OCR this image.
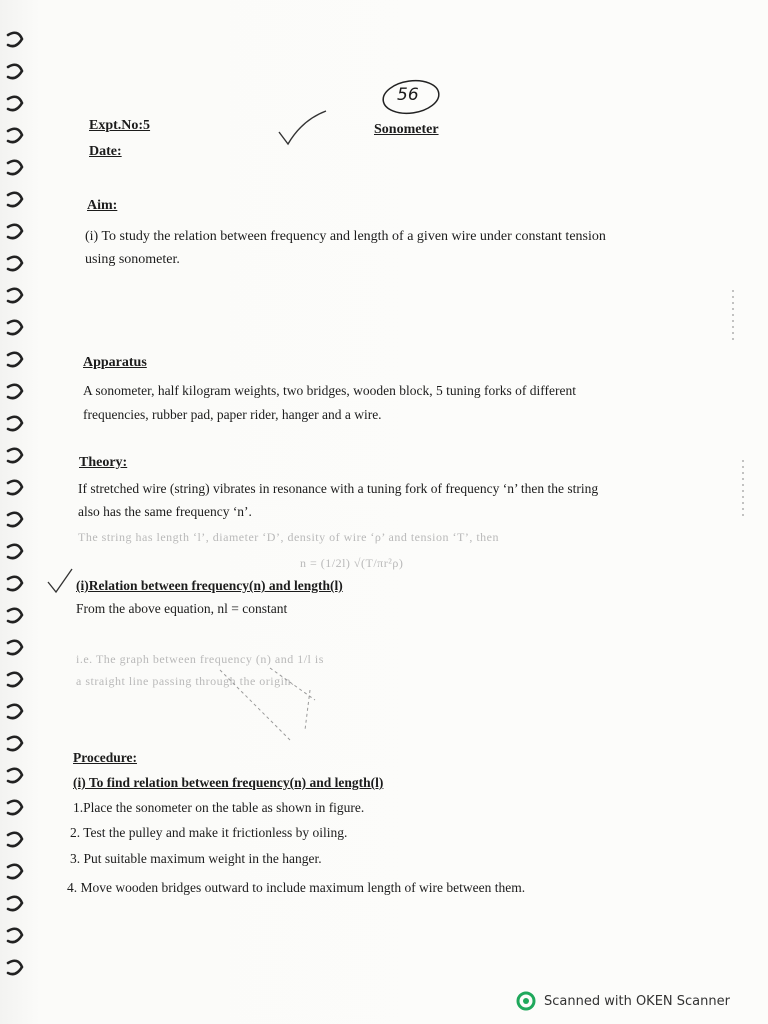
56
Expt.No:5
Date:
Sonometer
Aim:
(i) To study the relation between frequency and length of a given wire under constant tension
using sonometer.
Apparatus
A sonometer, half kilogram weights, two bridges, wooden block, 5 tuning forks of different
frequencies, rubber pad, paper rider, hanger and a wire.
Theory:
If stretched wire (string) vibrates in resonance with a tuning fork of frequency ‘n’ then the string
also has the same frequency ‘n’.
The string has length ‘l’, diameter ‘D’, density of wire ‘ρ’ and tension ‘T’, then
n = (1/2l) √(T/πr²ρ)
(i)Relation between frequency(n) and length(l)
From the above equation, nl = constant
i.e. The graph between frequency (n) and 1/l is
a straight line passing through the origin.
Procedure:
(i) To find relation between frequency(n) and length(l)
1.Place the sonometer on the table as shown in figure.
2. Test the pulley and make it frictionless by oiling.
3. Put suitable maximum weight in the hanger.
4. Move wooden bridges outward to include maximum length of wire between them.
Scanned with OKEN Scanner
